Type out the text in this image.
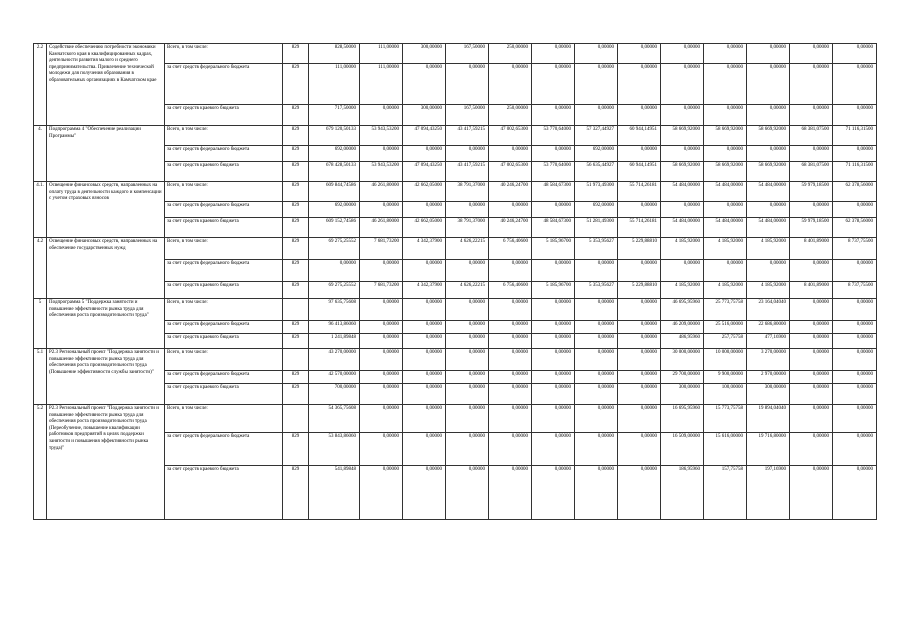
2.2	Содействие обеспечению потребности экономики Камчатского края в квалифицированных кадрах, деятельности развития малого и среднего предпринимательства. Привлечение технической молодежи для получения образования в образовательных организациях в Камчатском крае	Всего, в том числе:	829	828,50000	111,00000	300,00000	167,50000	250,00000	0,00000	0,00000	0,00000	0,00000	0,00000	0,00000	0,00000	0,00000
		за счет средств федерального бюджета	829	111,00000	111,00000	0,00000	0,00000	0,00000	0,00000	0,00000	0,00000	0,00000	0,00000	0,00000	0,00000	0,00000
		за счет средств краевого бюджета	829	717,50000	0,00000	300,00000	167,50000	250,00000	0,00000	0,00000	0,00000	0,00000	0,00000	0,00000	0,00000	0,00000
4.	Подпрограмма 4 "Обеспечение реализации Программы"	Всего, в том числе:	829	679 120,50133	53 943,53200	47 094,43250	43 417,59215	47 002,65300	53 770,64000	57 327,44927	60 944,14951	58 669,92000	58 669,92000	58 669,92000	68 381,07500	71 116,31500
		за счет средств федерального бюджета	829	692,00000	0,00000	0,00000	0,00000	0,00000	0,00000	692,00000	0,00000	0,00000	0,00000	0,00000	0,00000	0,00000
		за счет средств краевого бюджета	829	678 428,50133	53 943,53200	47 094,43250	43 417,59215	47 002,65300	53 770,64000	56 635,44927	60 944,14951	58 669,92000	58 669,92000	58 669,92000	68 381,07500	71 116,31500
4.1.	Освещение финансовых средств, направленных на оплату труда в деятельности каждого и компенсации с учетом страховых взносов	Всего, в том числе:	829	609 844,74586	46 261,80000	42 662,05000	38 791,37000	40 246,24700	48 584,67300	51 973,49300	55 714,26181	54 484,00000	54 484,00000	54 484,00000	59 979,18500	62 378,56000
		за счет средств федерального бюджета	829	692,00000	0,00000	0,00000	0,00000	0,00000	0,00000	692,00000	0,00000	0,00000	0,00000	0,00000	0,00000	0,00000
		за счет средств краевого бюджета	829	609 152,74586	46 261,80000	42 662,05000	38 791,37000	40 246,24700	48 584,67300	51 281,49300	55 714,26181	54 484,00000	54 484,00000	54 484,00000	59 979,18500	62 378,56000
4.2	Освещение финансовых средств, направленных на обеспечение государственных нужд	Всего, в том числе:	829	69 275,25552	7 681,73200	4 342,37900	4 626,22215	6 756,40600	5 185,96700	5 353,95627	5 229,88810	4 185,92000	4 185,92000	4 185,92000	8 401,89000	8 737,75500
		за счет средств федерального бюджета	829	0,00000	0,00000	0,00000	0,00000	0,00000	0,00000	0,00000	0,00000	0,00000	0,00000	0,00000	0,00000	0,00000
		за счет средств краевого бюджета	829	69 275,25552	7 681,73200	4 342,37900	4 626,22215	6 756,40600	5 185,96700	5 353,95627	5 229,88810	4 185,92000	4 185,92000	4 185,92000	8 401,89000	8 737,75500
5	Подпрограмма 5 "Поддержка занятости и повышение эффективности рынка труда для обеспечения роста производительности труда"	Всего, в том числе:		97 635,75608	0,00000	0,00000	0,00000	0,00000	0,00000	0,00000	0,00000	46 695,95960	25 773,75758	23 164,04040	0,00000	0,00000
		за счет средств федерального бюджета	829	96 413,86060	0,00000	0,00000	0,00000	0,00000	0,00000	0,00000	0,00000	46 209,00000	25 516,00000	22 686,80000	0,00000	0,00000
		за счет средств краевого бюджета	829	1 241,89848	0,00000	0,00000	0,00000	0,00000	0,00000	0,00000	0,00000	486,95960	257,75758	477,16900	0,00000	0,00000
5.1	Р2.3 Региональный проект "Поддержка занятости и повышение эффективности рынка труда для обеспечения роста производительности труда (Повышение эффективности службы занятости)"	Всего, в том числе:		43 270,00000	0,00000	0,00000	0,00000	0,00000	0,00000	0,00000	0,00000	30 000,00000	10 000,00000	3 270,00000	0,00000	0,00000
		за счет средств федерального бюджета	829	42 570,00000	0,00000	0,00000	0,00000	0,00000	0,00000	0,00000	0,00000	29 700,00000	9 900,00000	2 970,00000	0,00000	0,00000
		за счет средств краевого бюджета	829	700,00000	0,00000	0,00000	0,00000	0,00000	0,00000	0,00000	0,00000	300,00000	100,00000	300,00000	0,00000	0,00000
5.2	Р2.3 Региональный проект "Поддержка занятости и повышение эффективности рынка труда для обеспечения роста производительности труда (Переобучение, повышение квалификации работников предприятий в целях поддержки занятости и повышения эффективности рынка труда)"	Всего, в том числе:		54 365,75608	0,00000	0,00000	0,00000	0,00000	0,00000	0,00000	0,00000	16 695,95960	15 773,75758	19 894,04040	0,00000	0,00000
		за счет средств федерального бюджета	829	53 843,86060	0,00000	0,00000	0,00000	0,00000	0,00000	0,00000	0,00000	16 509,00000	15 616,00000	19 716,80000	0,00000	0,00000
		за счет средств краевого бюджета	829	541,89848	0,00000	0,00000	0,00000	0,00000	0,00000	0,00000	0,00000	186,95960	157,75758	197,16900	0,00000	0,00000
